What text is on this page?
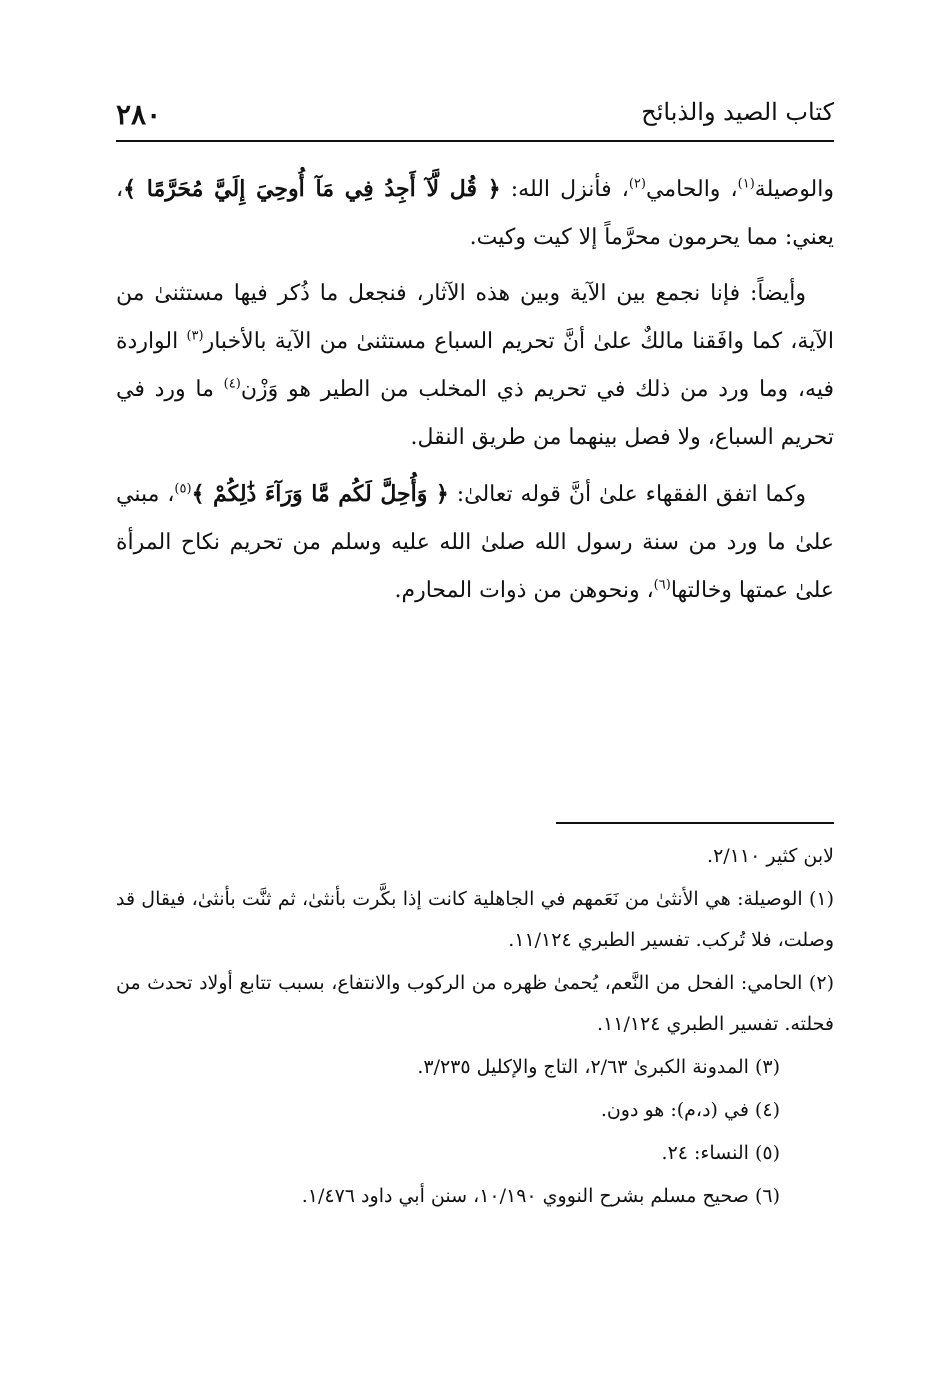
كتاب الصيد والذبائح
٢٨٠

والوصيلة$^{(١)}$، والحامي$^{(٢)}$، فأنزل الله: ﴿ قُل لَّآ أَجِدُ فِي مَآ أُوحِيَ إِلَيَّ مُحَرَّمًا ﴾، يعني: مما يحرمون محرَّماً إلا كيت وكيت.

وأيضاً: فإنا نجمع بين الآية وبين هذه الآثار، فنجعل ما ذُكر فيها مستثنىٰ من الآية، كما وافَقنا مالكٌ علىٰ أنَّ تحريم السباع مستثنىٰ من الآية بالأخبار$^{(٣)}$ الواردة فيه، وما ورد من ذلك في تحريم ذي المخلب من الطير هو وَزْن$^{(٤)}$ ما ورد في تحريم السباع، ولا فصل بينهما من طريق النقل.

وكما اتفق الفقهاء علىٰ أنَّ قوله تعالىٰ: ﴿ وَأُحِلَّ لَكُم مَّا وَرَآءَ ذَٰلِكُمْ ﴾$^{(٥)}$، مبني علىٰ ما ورد من سنة رسول الله صلىٰ الله عليه وسلم من تحريم نكاح المرأة علىٰ عمتها وخالتها$^{(٦)}$، ونحوهن من ذوات المحارم.

لابن كثير ٢/١١٠.

(١) الوصيلة: هي الأنثىٰ من نَعَمهم في الجاهلية كانت إذا بكَّرت بأنثىٰ، ثم ثنَّت بأنثىٰ، فيقال قد وصلت، فلا تُركب. تفسير الطبري ١١/١٢٤.

(٢) الحامي: الفحل من النَّعم، يُحمىٰ ظهره من الركوب والانتفاع، بسبب تتابع أولاد تحدث من فحلته. تفسير الطبري ١١/١٢٤.

(٣) المدونة الكبرىٰ ٢/٦٣، التاج والإكليل ٣/٢٣٥.

(٤) في (د،م): هو دون.

(٥) النساء: ٢٤.

(٦) صحيح مسلم بشرح النووي ١٠/١٩٠، سنن أبي داود ١/٤٧٦.
